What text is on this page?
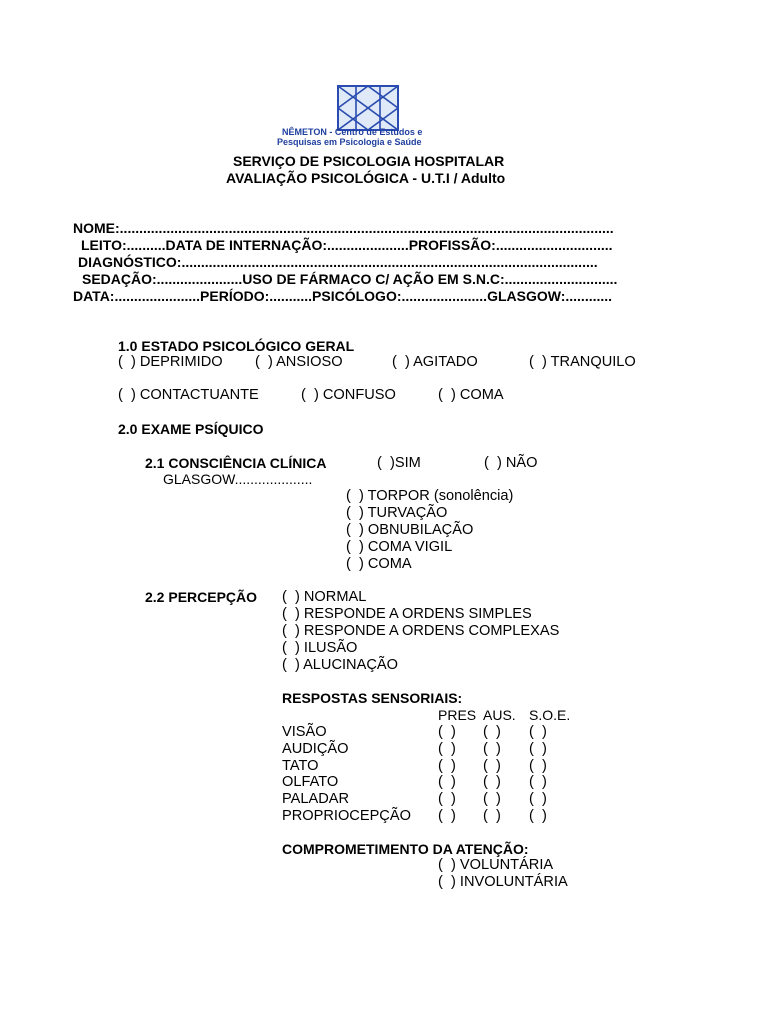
NÊMETON - Centro de Estudos e
Pesquisas em Psicologia e Saúde
SERVIÇO DE PSICOLOGIA HOSPITALAR
AVALIAÇÃO PSICOLÓGICA - U.T.I / Adulto
NOME:...............................................................................................................................
LEITO:..........DATA DE INTERNAÇÃO:.....................PROFISSÃO:..............................
DIAGNÓSTICO:...........................................................................................................
SEDAÇÃO:......................USO DE FÁRMACO C/ AÇÃO EM S.N.C:.............................
DATA:......................PERÍODO:...........PSICÓLOGO:......................GLASGOW:............
1.0 ESTADO PSICOLÓGICO GERAL
(  ) DEPRIMIDO (  ) ANSIOSO	(  ) AGITADO	(  ) TRANQUILO
(  ) CONTACTUANTE	(  ) CONFUSO	(  ) COMA
2.0 EXAME PSÍQUICO
2.1 CONSCIÊNCIA CLÍNICA	(  )SIM	(  ) NÃO
GLASGOW....................
(  ) TORPOR (sonolência)
(  ) TURVAÇÃO
(  ) OBNUBILAÇÃO
(  ) COMA VIGIL
(  ) COMA
2.2 PERCEPÇÃO (  ) NORMAL
(  ) RESPONDE A ORDENS SIMPLES
(  ) RESPONDE A ORDENS COMPLEXAS
(  ) ILUSÃO
(  ) ALUCINAÇÃO
RESPOSTAS SENSORIAIS:
PRES AUS. S.O.E.
VISÃO	(  ) (  ) (  )
AUDIÇÃO	(  ) (  ) (  )
TATO	(  ) (  ) (  )
OLFATO	(  ) (  ) (  )
PALADAR	(  ) (  ) (  )
PROPRIOCEPÇÃO (  ) (  ) (  )
COMPROMETIMENTO DA ATENÇÃO:
(  ) VOLUNTÁRIA
(  ) INVOLUNTÁRIA
